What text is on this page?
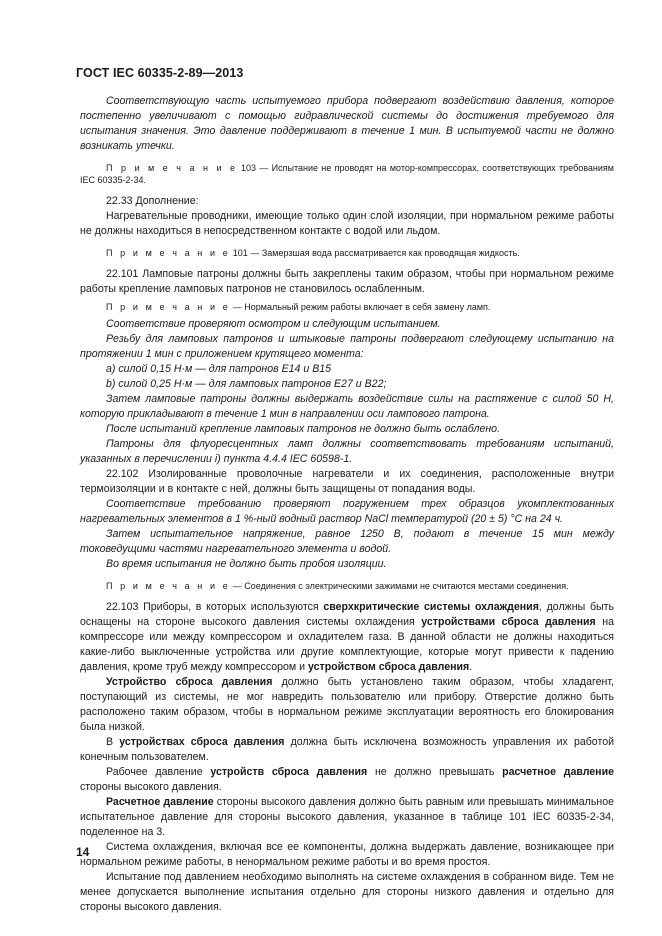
ГОСТ IEC 60335-2-89—2013

Соответствующую часть испытуемого прибора подвергают воздействию давления, которое постепенно увеличивают с помощью гидравлической системы до достижения требуемого для испытания значения. Это давление поддерживают в течение 1 мин. В испытуемой части не должно возникать утечки.

П р и м е ч а н и е 103 — Испытание не проводят на мотор-компрессорах, соответствующих требованиям IEC 60335-2-34.

22.33 Дополнение:

Нагревательные проводники, имеющие только один слой изоляции, при нормальном режиме работы не должны находиться в непосредственном контакте с водой или льдом.

П р и м е ч а н и е 101 — Замерзшая вода рассматривается как проводящая жидкость.

22.101 Ламповые патроны должны быть закреплены таким образом, чтобы при нормальном режиме работы крепление ламповых патронов не становилось ослабленным.

П р и м е ч а н и е — Нормальный режим работы включает в себя замену ламп.

Соответствие проверяют осмотром и следующим испытанием.

Резьбу для ламповых патронов и штыковые патроны подвергают следующему испытанию на протяжении 1 мин с приложением крутящего момента:

a) силой 0,15 Н·м — для патронов E14 и B15

b) силой 0,25 Н·м — для ламповых патронов E27 и B22;

Затем ламповые патроны должны выдержать воздействие силы на растяжение с силой 50 Н, которую прикладывают в течение 1 мин в направлении оси лампового патрона.

После испытаний крепление ламповых патронов не должно быть ослаблено.

Патроны для флуоресцентных ламп должны соответствовать требованиям испытаний, указанных в перечислении i) пункта 4.4.4 IEC 60598-1.

22.102 Изолированные проволочные нагреватели и их соединения, расположенные внутри термоизоляции и в контакте с ней, должны быть защищены от попадания воды.

Соответствие требованию проверяют погружением трех образцов укомплектованных нагревательных элементов в 1 %-ный водный раствор NaCl температурой (20 ± 5) °С на 24 ч.

Затем испытательное напряжение, равное 1250 В, подают в течение 15 мин между токоведущими частями нагревательного элемента и водой.

Во время испытания не должно быть пробоя изоляции.

П р и м е ч а н и е — Соединения с электрическими зажимами не считаются местами соединения.

22.103 Приборы, в которых используются сверхкритические системы охлаждения, должны быть оснащены на стороне высокого давления системы охлаждения устройствами сброса давления на компрессоре или между компрессором и охладителем газа. В данной области не должны находиться какие-либо выключенные устройства или другие комплектующие, которые могут привести к падению давления, кроме труб между компрессором и устройством сброса давления.

Устройство сброса давления должно быть установлено таким образом, чтобы хладагент, поступающий из системы, не мог навредить пользователю или прибору. Отверстие должно быть расположено таким образом, чтобы в нормальном режиме эксплуатации вероятность его блокирования была низкой.

В устройствах сброса давления должна быть исключена возможность управления их работой конечным пользователем.

Рабочее давление устройств сброса давления не должно превышать расчетное давление стороны высокого давления.

Расчетное давление стороны высокого давления должно быть равным или превышать минимальное испытательное давление для стороны высокого давления, указанное в таблице 101 IEC 60335-2-34, поделенное на 3.

Система охлаждения, включая все ее компоненты, должна выдержать давление, возникающее при нормальном режиме работы, в ненормальном режиме работы и во время простоя.

Испытание под давлением необходимо выполнять на системе охлаждения в собранном виде. Тем не менее допускается выполнение испытания отдельно для стороны низкого давления и отдельно для стороны высокого давления.

14
